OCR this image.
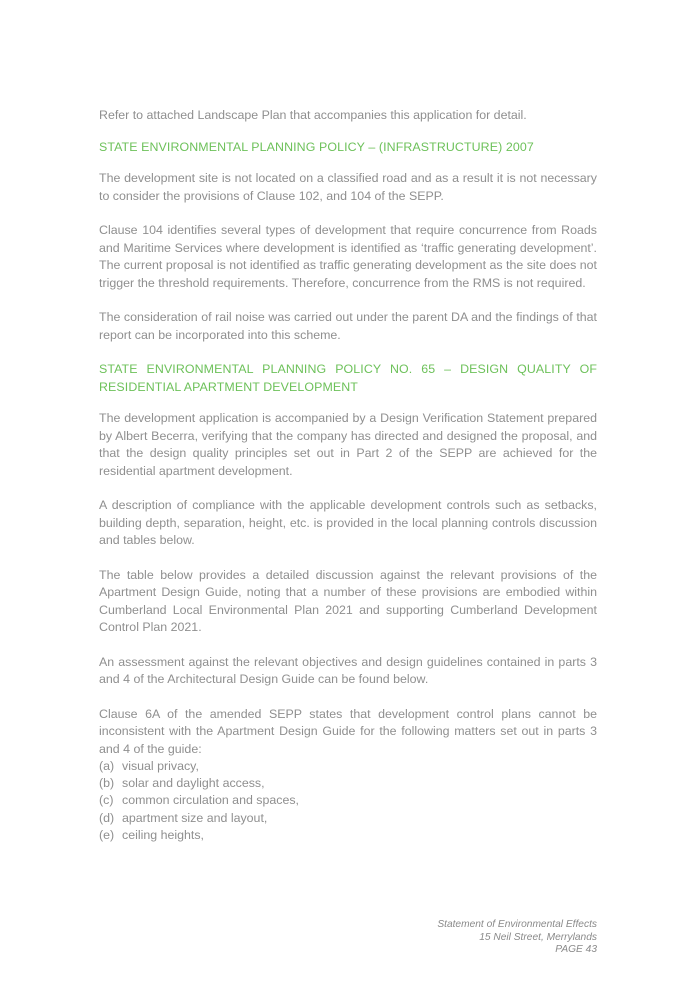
Refer to attached Landscape Plan that accompanies this application for detail.

STATE ENVIRONMENTAL PLANNING POLICY – (INFRASTRUCTURE) 2007

The development site is not located on a classified road and as a result it is not necessary to consider the provisions of Clause 102, and 104 of the SEPP.

Clause 104 identifies several types of development that require concurrence from Roads and Maritime Services where development is identified as ‘traffic generating development’. The current proposal is not identified as traffic generating development as the site does not trigger the threshold requirements. Therefore, concurrence from the RMS is not required.

The consideration of rail noise was carried out under the parent DA and the findings of that report can be incorporated into this scheme.

STATE ENVIRONMENTAL PLANNING POLICY NO. 65 – DESIGN QUALITY OF RESIDENTIAL APARTMENT DEVELOPMENT

The development application is accompanied by a Design Verification Statement prepared by Albert Becerra, verifying that the company has directed and designed the proposal, and that the design quality principles set out in Part 2 of the SEPP are achieved for the residential apartment development.

A description of compliance with the applicable development controls such as setbacks, building depth, separation, height, etc. is provided in the local planning controls discussion and tables below.

The table below provides a detailed discussion against the relevant provisions of the Apartment Design Guide, noting that a number of these provisions are embodied within Cumberland Local Environmental Plan 2021 and supporting Cumberland Development Control Plan 2021.

An assessment against the relevant objectives and design guidelines contained in parts 3 and 4 of the Architectural Design Guide can be found below.

Clause 6A of the amended SEPP states that development control plans cannot be inconsistent with the Apartment Design Guide for the following matters set out in parts 3 and 4 of the guide:

(a) visual privacy,
(b) solar and daylight access,
(c) common circulation and spaces,
(d) apartment size and layout,
(e) ceiling heights,
Statement of Environmental Effects
15 Neil Street, Merrylands
PAGE 43
